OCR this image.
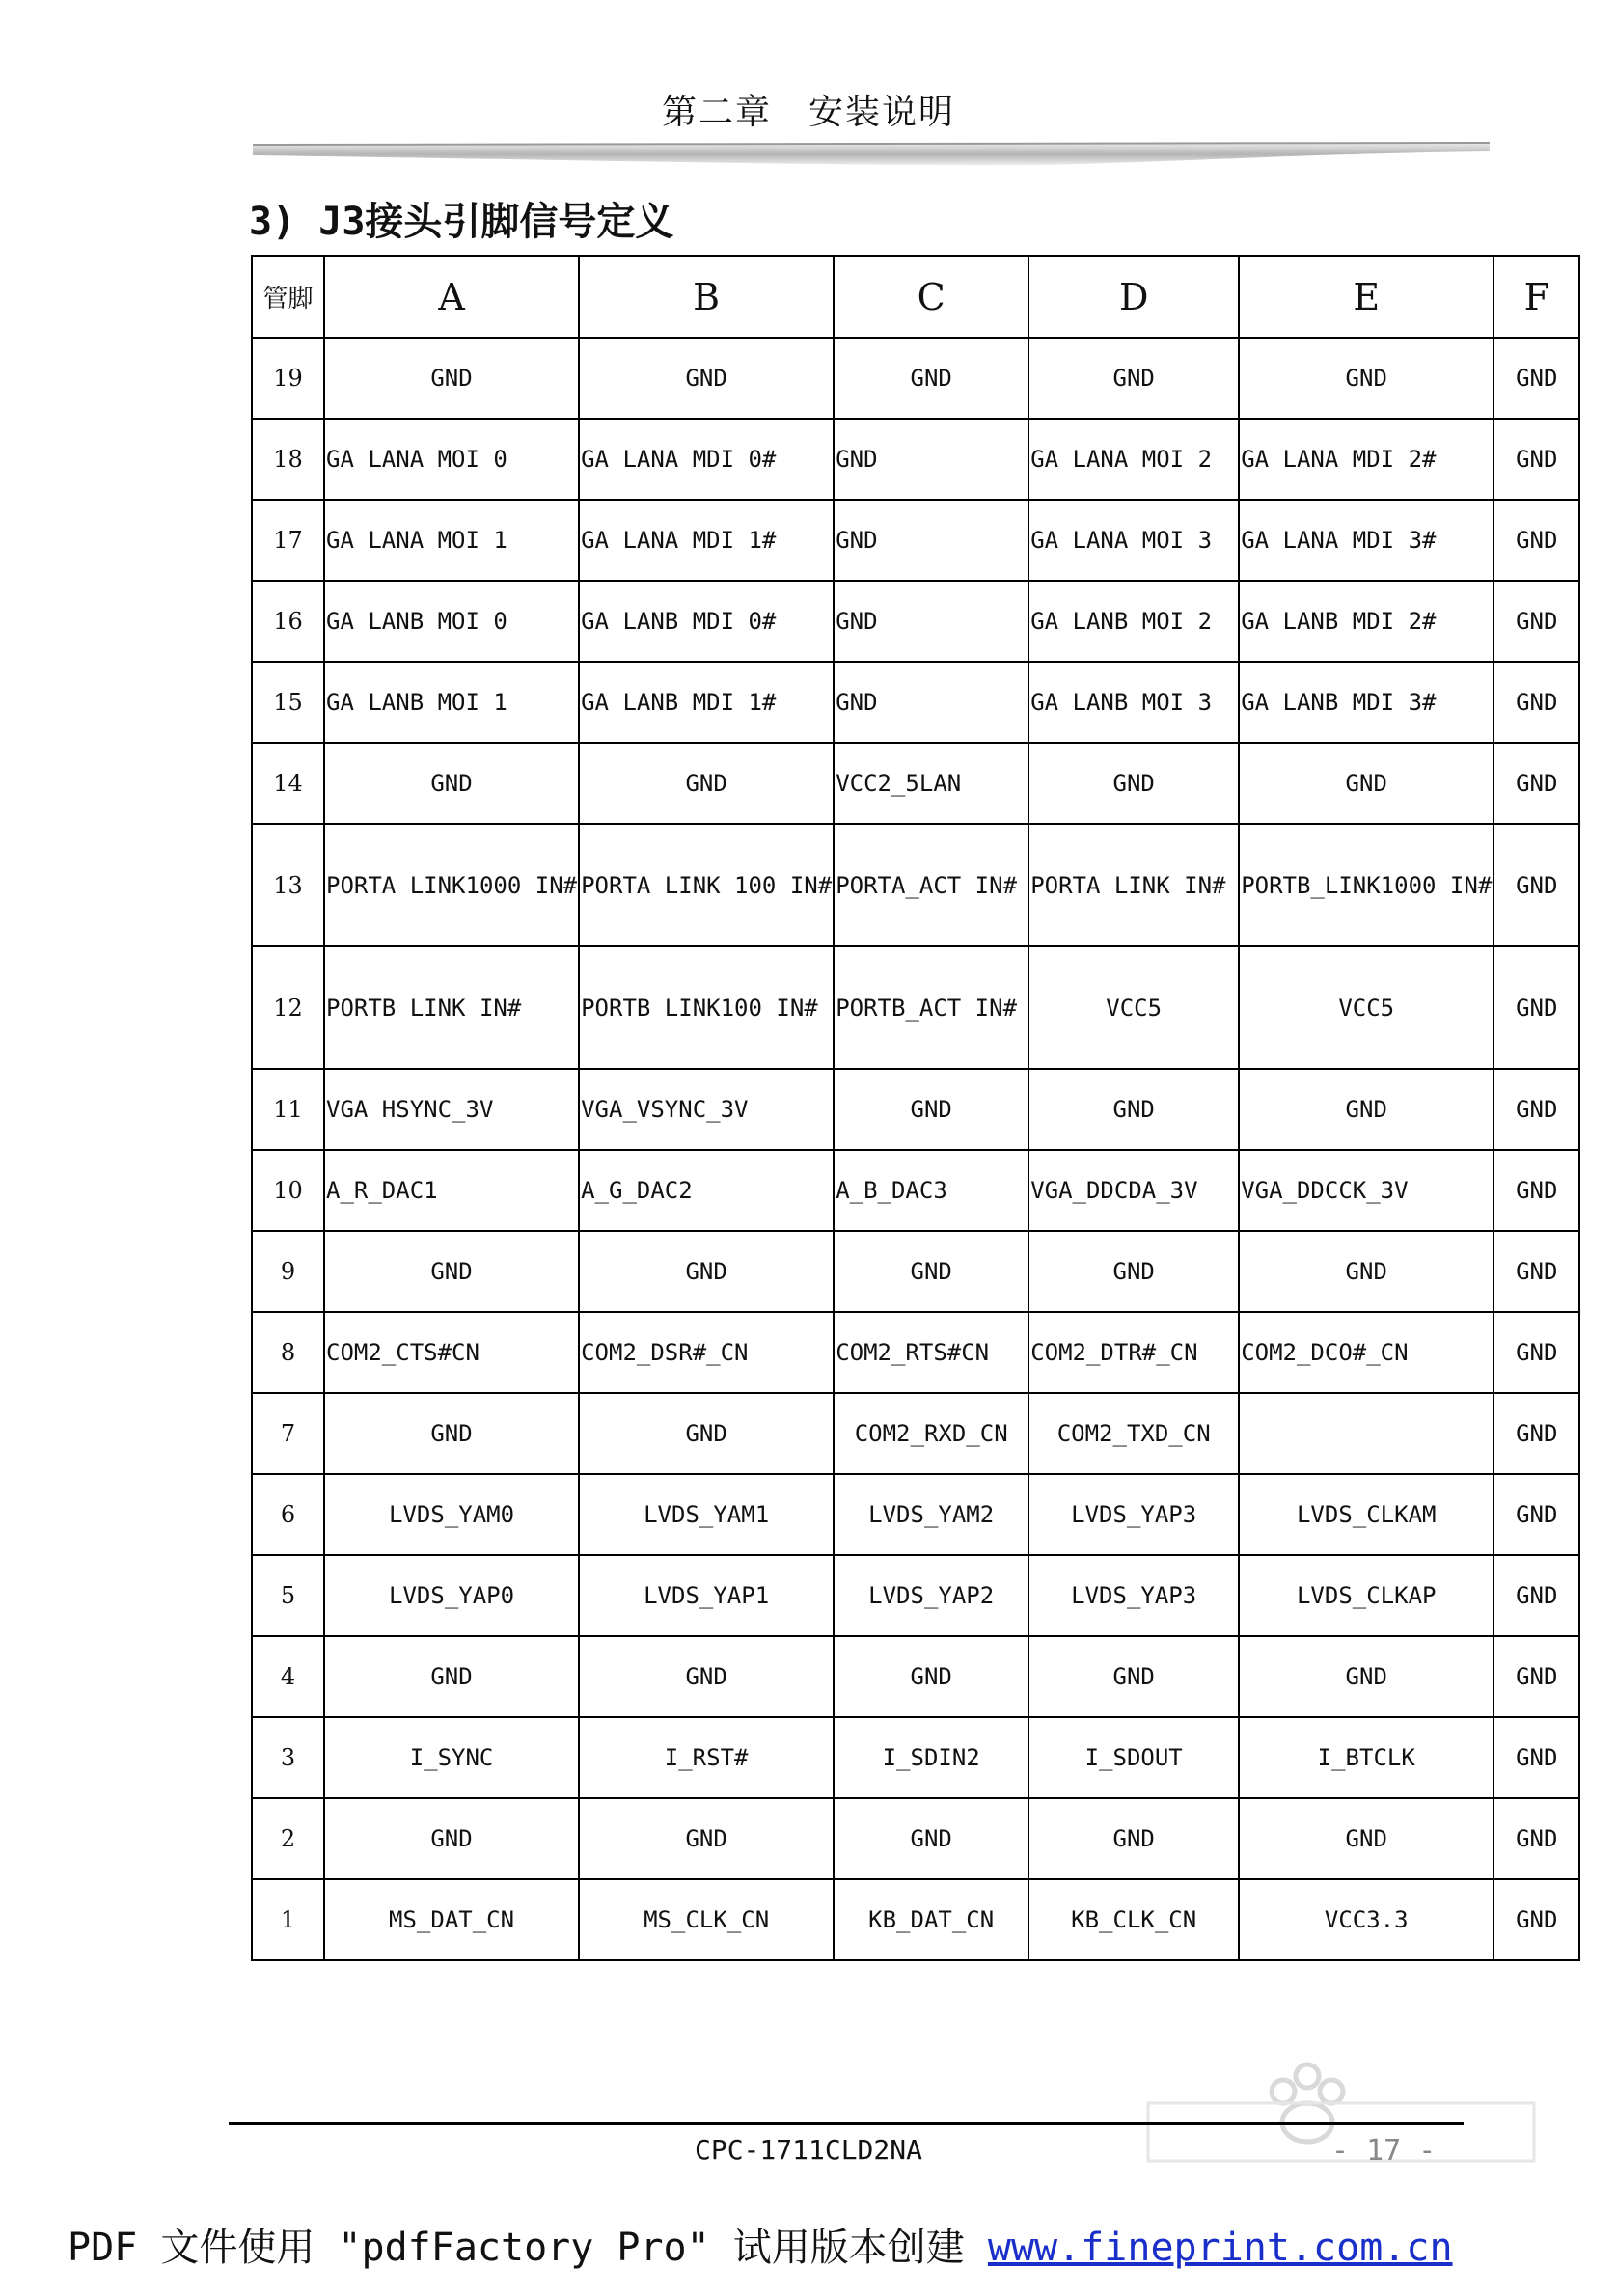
第二章　安装说明
3) J3接头引脚信号定义
管脚	A	B	C	D	E	F
19	GND	GND	GND	GND	GND	GND
18	GA LANA MOI 0	GA LANA MDI 0#	GND	GA LANA MOI 2	GA LANA MDI 2#	GND
17	GA LANA MOI 1	GA LANA MDI 1#	GND	GA LANA MOI 3	GA LANA MDI 3#	GND
16	GA LANB MOI 0	GA LANB MDI 0#	GND	GA LANB MOI 2	GA LANB MDI 2#	GND
15	GA LANB MOI 1	GA LANB MDI 1#	GND	GA LANB MOI 3	GA LANB MDI 3#	GND
14	GND	GND	VCC2_5LAN	GND	GND	GND
13	PORTA LINK1000 IN#	PORTA LINK 100 IN#	PORTA_ACT IN#	PORTA LINK IN#	PORTB_LINK1000 IN#	GND
12	PORTB LINK IN#	PORTB LINK100 IN#	PORTB_ACT IN#	VCC5	VCC5	GND
11	VGA HSYNC_3V	VGA_VSYNC_3V	GND	GND	GND	GND
10	A_R_DAC1	A_G_DAC2	A_B_DAC3	VGA_DDCDA_3V	VGA_DDCCK_3V	GND
9	GND	GND	GND	GND	GND	GND
8	COM2_CTS#CN	COM2_DSR#_CN	COM2_RTS#CN	COM2_DTR#_CN	COM2_DCO#_CN	GND
7	GND	GND	COM2_RXD_CN	COM2_TXD_CN		GND
6	LVDS_YAM0	LVDS_YAM1	LVDS_YAM2	LVDS_YAP3	LVDS_CLKAM	GND
5	LVDS_YAP0	LVDS_YAP1	LVDS_YAP2	LVDS_YAP3	LVDS_CLKAP	GND
4	GND	GND	GND	GND	GND	GND
3	I_SYNC	I_RST#	I_SDIN2	I_SDOUT	I_BTCLK	GND
2	GND	GND	GND	GND	GND	GND
1	MS_DAT_CN	MS_CLK_CN	KB_DAT_CN	KB_CLK_CN	VCC3.3	GND
CPC-1711CLD2NA	- 17 -
PDF 文件使用 "pdfFactory Pro" 试用版本创建 www.fineprint.com.cn
